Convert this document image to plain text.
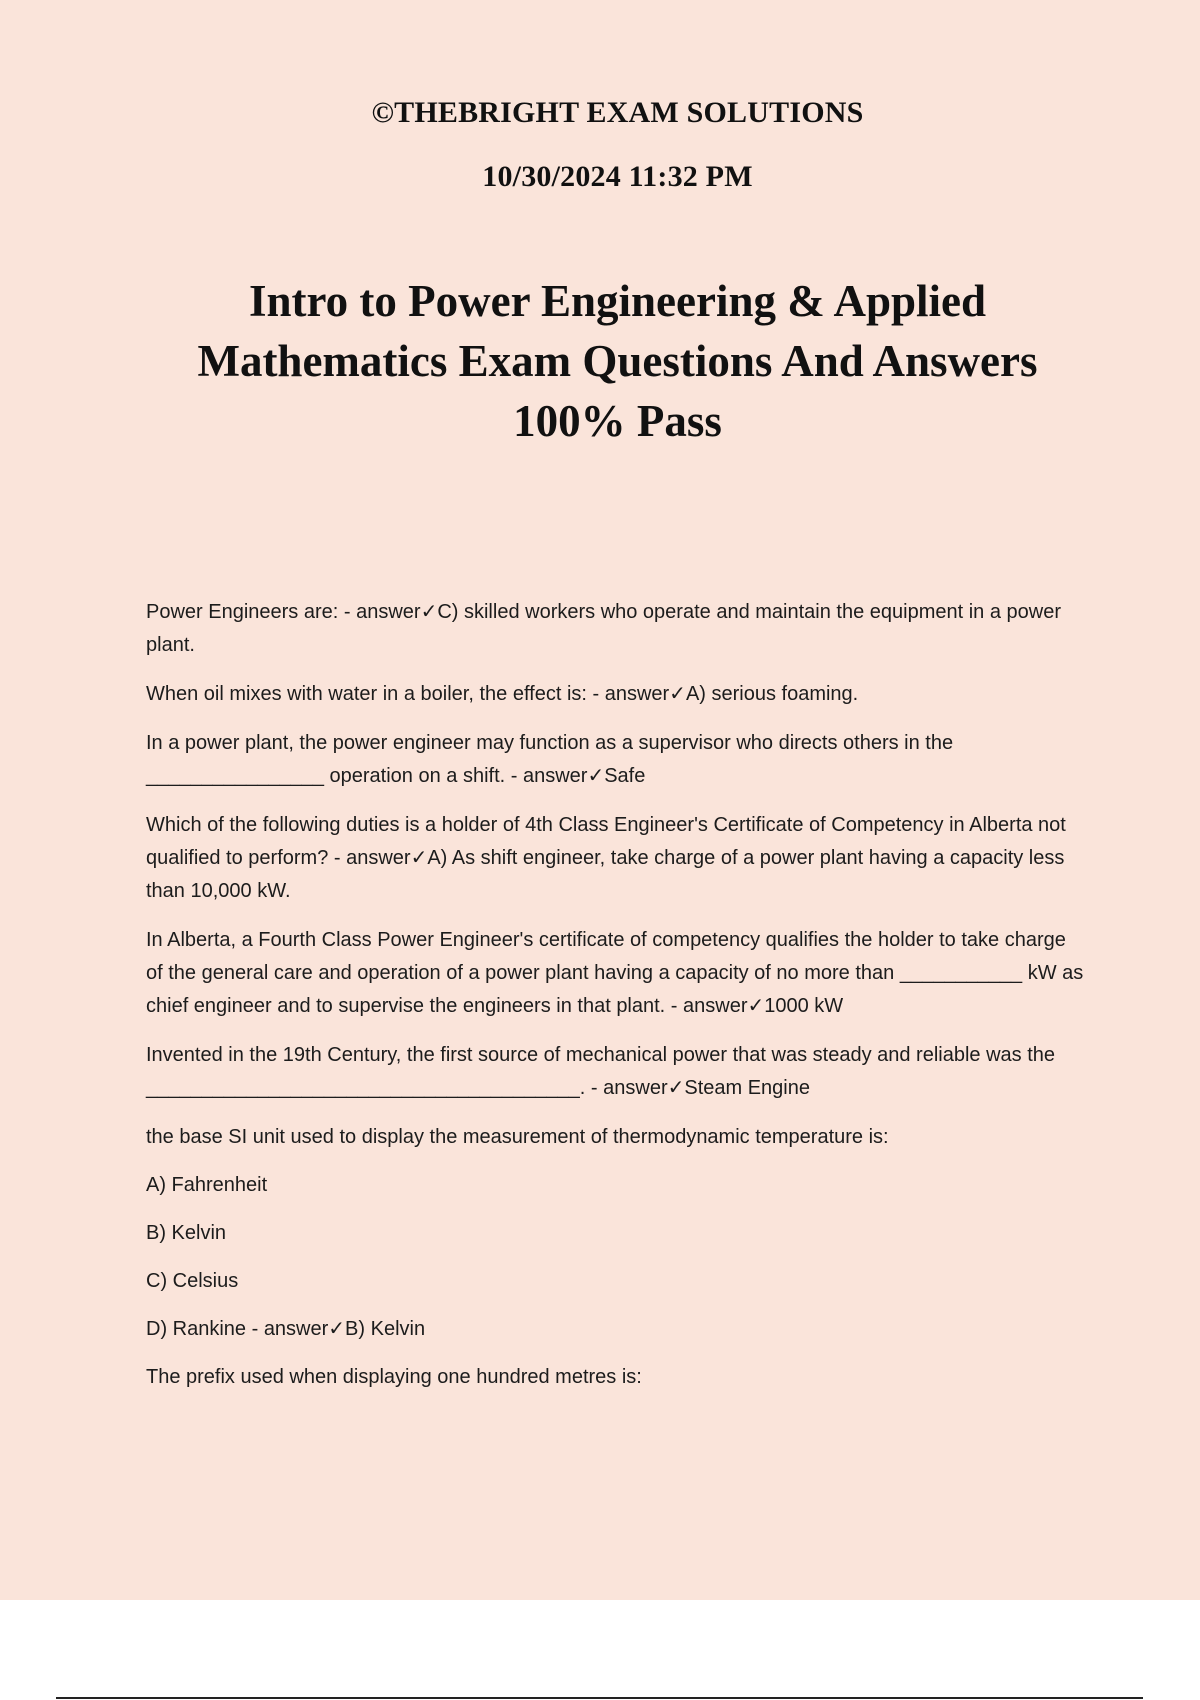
©THEBRIGHT EXAM SOLUTIONS
10/30/2024 11:32 PM
Intro to Power Engineering & Applied
Mathematics Exam Questions And Answers
100% Pass

Power Engineers are: - answer✓C) skilled workers who operate and maintain the equipment in a power plant.

When oil mixes with water in a boiler, the effect is: - answer✓A) serious foaming.

In a power plant, the power engineer may function as a supervisor who directs others in the ________________ operation on a shift. - answer✓Safe

Which of the following duties is a holder of 4th Class Engineer's Certificate of Competency in Alberta not qualified to perform? - answer✓A) As shift engineer, take charge of a power plant having a capacity less than 10,000 kW.

In Alberta, a Fourth Class Power Engineer's certificate of competency qualifies the holder to take charge of the general care and operation of a power plant having a capacity of no more than ___________ kW as chief engineer and to supervise the engineers in that plant. - answer✓1000 kW

Invented in the 19th Century, the first source of mechanical power that was steady and reliable was the _______________________________________. - answer✓Steam Engine

the base SI unit used to display the measurement of thermodynamic temperature is:

A) Fahrenheit

B) Kelvin

C) Celsius

D) Rankine - answer✓B) Kelvin

The prefix used when displaying one hundred metres is:
